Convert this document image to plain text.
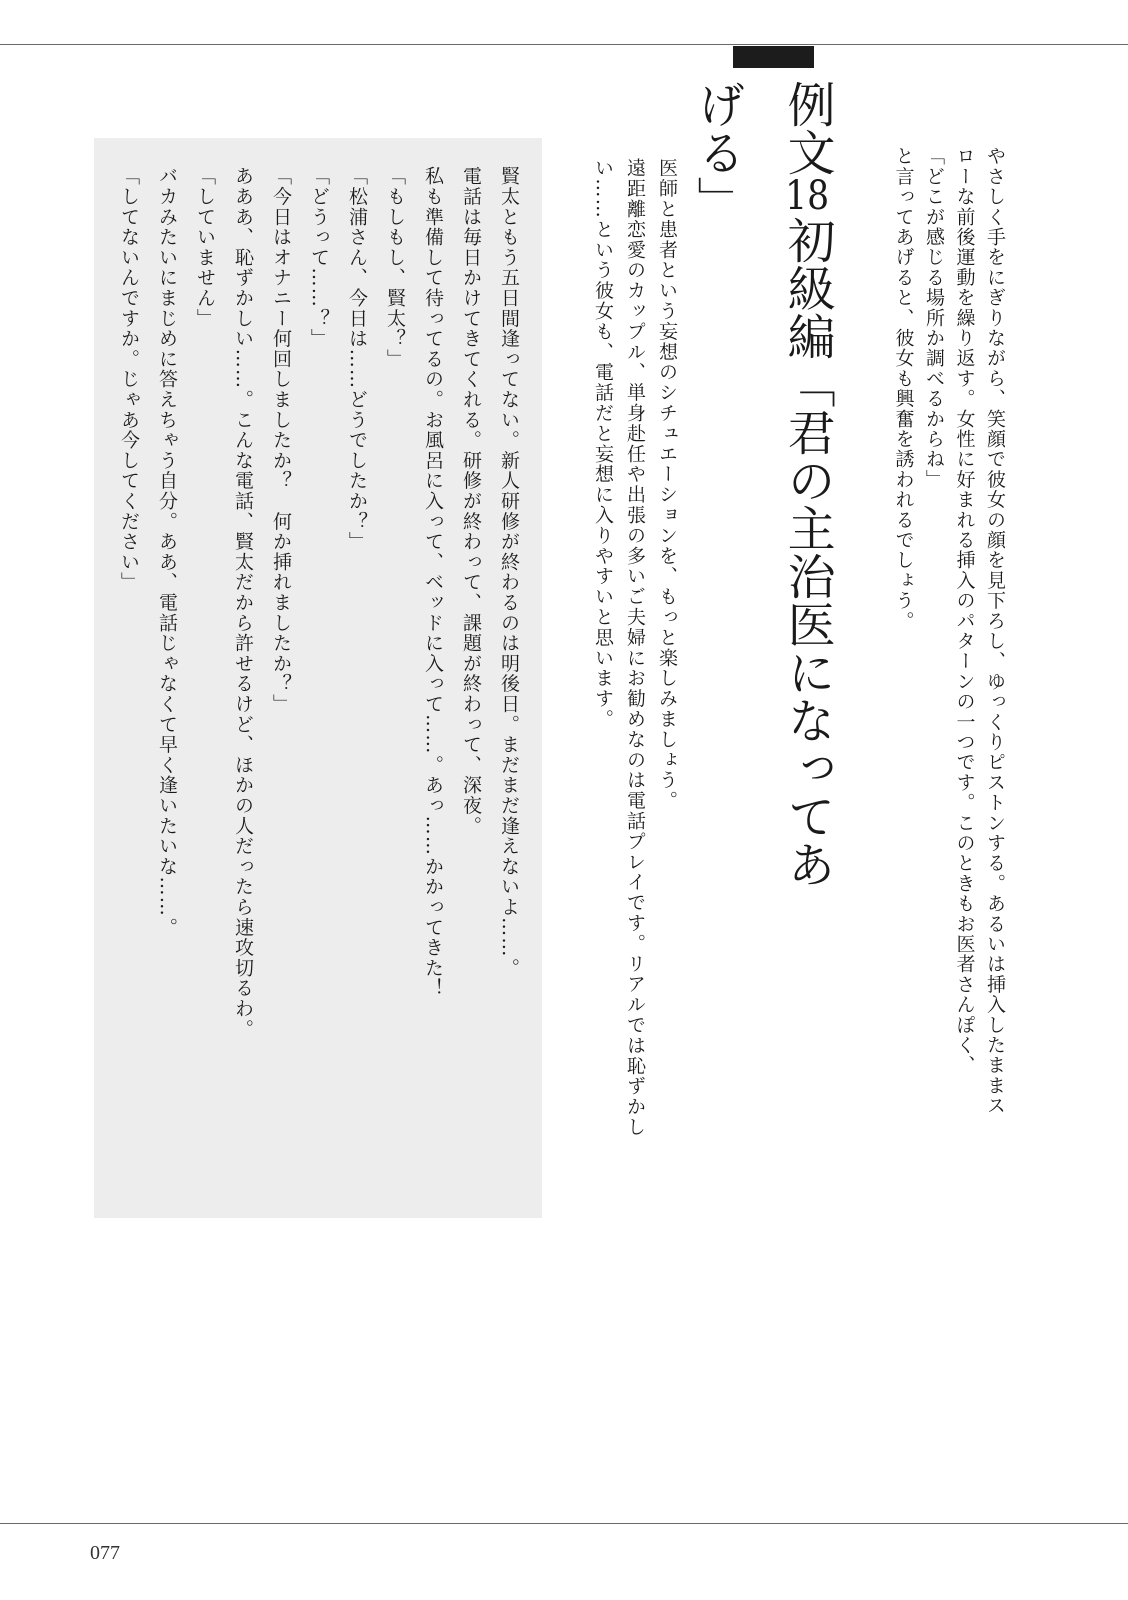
やさしく手をにぎりながら、笑顔で彼女の顔を見下ろし、ゆっくりピストンする。あるいは挿入したままス

ローな前後運動を繰り返す。女性に好まれる挿入のパターンの一つです。このときもお医者さんぽく、

「どこが感じる場所か調べるからね」

と言ってあげると、彼女も興奮を誘われるでしょう。

例文18初級編「君の主治医になってあげる」

医師と患者という妄想のシチュエーションを、もっと楽しみましょう。

遠距離恋愛のカップル、単身赴任や出張の多いご夫婦にお勧めなのは電話プレイです。リアルでは恥ずかし

い……という彼女も、電話だと妄想に入りやすいと思います。

賢太ともう五日間逢ってない。新人研修が終わるのは明後日。まだまだ逢えないよ……。

電話は毎日かけてきてくれる。研修が終わって、課題が終わって、深夜。

私も準備して待ってるの。お風呂に入って、ベッドに入って……。あっ……かかってきた！

「もしもし、賢太？」

「松浦さん、今日は……どうでしたか？」

「どうって……？」

「今日はオナニー何回しましたか？　何か挿れましたか？」

あああ、恥ずかしい……。こんな電話、賢太だから許せるけど、ほかの人だったら速攻切るわ。

「していません」

バカみたいにまじめに答えちゃう自分。ああ、電話じゃなくて早く逢いたいな……。

「してないんですか。じゃあ今してください」

077
